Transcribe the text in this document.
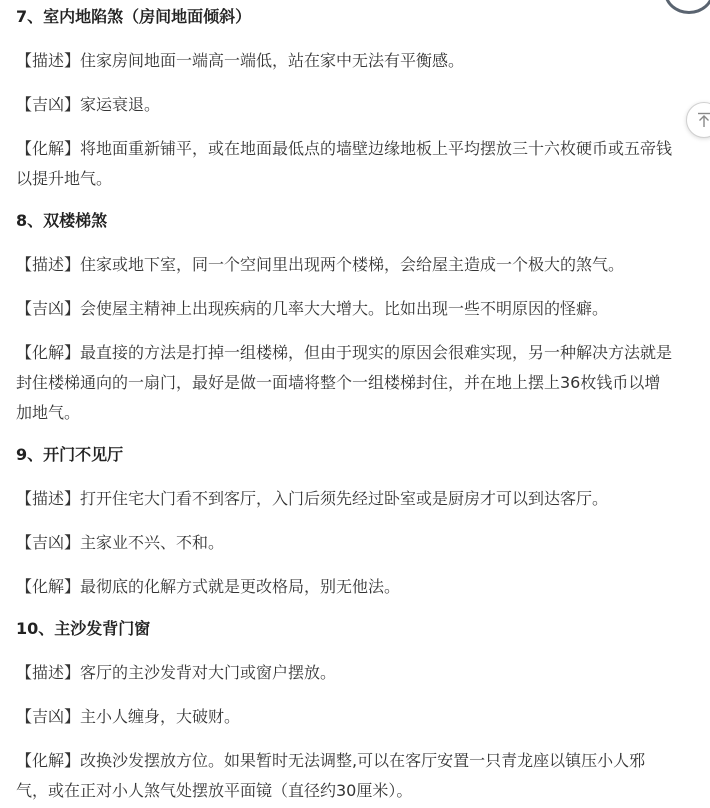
7、室内地陷煞（房间地面倾斜）

【描述】住家房间地面一端高一端低，站在家中无法有平衡感。

【吉凶】家运衰退。

【化解】将地面重新铺平，或在地面最低点的墙壁边缘地板上平均摆放三十六枚硬币或五帝钱
以提升地气。

8、双楼梯煞

【描述】住家或地下室，同一个空间里出现两个楼梯，会给屋主造成一个极大的煞气。

【吉凶】会使屋主精神上出现疾病的几率大大增大。比如出现一些不明原因的怪癖。

【化解】最直接的方法是打掉一组楼梯，但由于现实的原因会很难实现，另一种解决方法就是
封住楼梯通向的一扇门，最好是做一面墙将整个一组楼梯封住，并在地上摆上36枚钱币以增
加地气。

9、开门不见厅

【描述】打开住宅大门看不到客厅，入门后须先经过卧室或是厨房才可以到达客厅。

【吉凶】主家业不兴、不和。

【化解】最彻底的化解方式就是更改格局，别无他法。

10、主沙发背门窗

【描述】客厅的主沙发背对大门或窗户摆放。

【吉凶】主小人缠身，大破财。

【化解】改换沙发摆放方位。如果暂时无法调整,可以在客厅安置一只青龙座以镇压小人邪
气，或在正对小人煞气处摆放平面镜（直径约30厘米）。
